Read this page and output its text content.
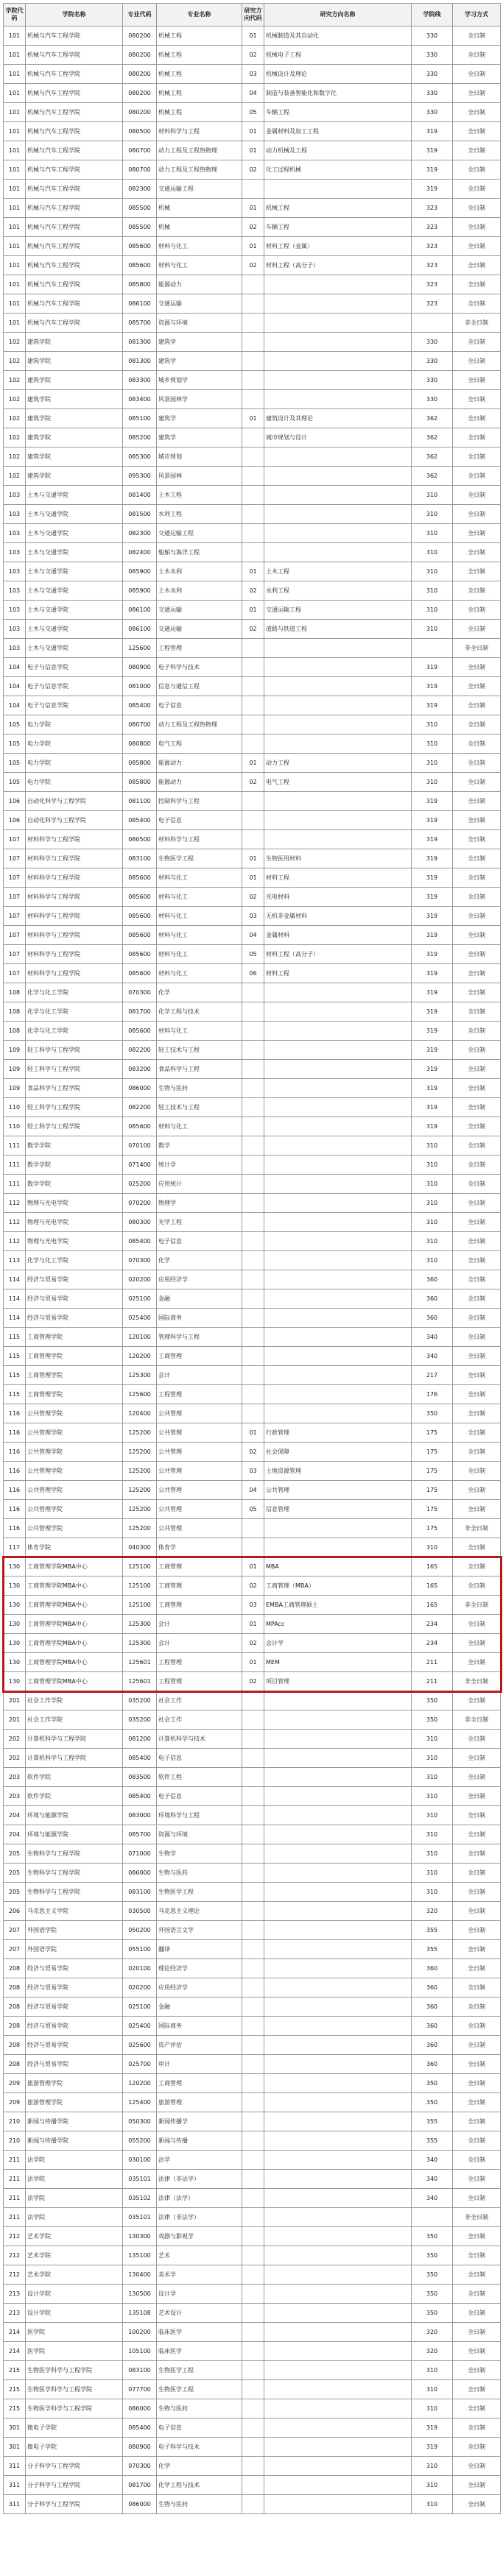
学院代码	学院名称	专业代码	专业名称	研究方向代码	研究方向名称	学院线	学习方式
101	机械与汽车工程学院	080200	机械工程	01	机械制造及其自动化	330	全日制
101	机械与汽车工程学院	080200	机械工程	02	机械电子工程	330	全日制
101	机械与汽车工程学院	080200	机械工程	03	机械设计及理论	330	全日制
101	机械与汽车工程学院	080200	机械工程	04	制造与装备智能化和数字化	330	全日制
101	机械与汽车工程学院	080200	机械工程	05	车辆工程	330	全日制
101	机械与汽车工程学院	080500	材料科学与工程	01	金属材料及加工工程	319	全日制
101	机械与汽车工程学院	080700	动力工程及工程热物理	01	动力机械及工程	319	全日制
101	机械与汽车工程学院	080700	动力工程及工程热物理	02	化工过程机械	319	全日制
101	机械与汽车工程学院	082300	交通运输工程			319	全日制
101	机械与汽车工程学院	085500	机械	01	机械工程	323	全日制
101	机械与汽车工程学院	085500	机械	02	车辆工程	323	全日制
101	机械与汽车工程学院	085600	材料与化工	01	材料工程（金属）	323	全日制
101	机械与汽车工程学院	085600	材料与化工	02	材料工程（高分子）	323	全日制
101	机械与汽车工程学院	085800	能源动力			323	全日制
101	机械与汽车工程学院	086100	交通运输			323	全日制
101	机械与汽车工程学院	085700	资源与环境				非全日制
102	建筑学院	081300	建筑学			330	全日制
102	建筑学院	081300	建筑学			330	全日制
102	建筑学院	083300	城乡规划学			330	全日制
102	建筑学院	083400	风景园林学			330	全日制
102	建筑学院	085100	建筑学	01	建筑设计及其理论	362	全日制
102	建筑学院	085200	建筑学		城市规划与设计	362	全日制
102	建筑学院	085300	城市规划			362	全日制
102	建筑学院	095300	风景园林			362	全日制
103	土木与交通学院	081400	土木工程			310	全日制
103	土木与交通学院	081500	水利工程			310	全日制
103	土木与交通学院	082300	交通运输工程			310	全日制
103	土木与交通学院	082400	船舶与海洋工程			310	全日制
103	土木与交通学院	085900	土木水利	01	土木工程	310	全日制
103	土木与交通学院	085900	土木水利	02	水利工程	310	全日制
103	土木与交通学院	086100	交通运输	01	交通运输工程	310	全日制
103	土木与交通学院	086100	交通运输	02	道路与铁道工程	310	全日制
103	土木与交通学院	125600	工程管理				非全日制
104	电子与信息学院	080900	电子科学与技术			319	全日制
104	电子与信息学院	081000	信息与通信工程			319	全日制
104	电子与信息学院	085400	电子信息			319	全日制
105	电力学院	080700	动力工程及工程热物理			310	全日制
105	电力学院	080800	电气工程			310	全日制
105	电力学院	085800	能源动力	01	动力工程	310	全日制
105	电力学院	085800	能源动力	02	电气工程	310	全日制
106	自动化科学与工程学院	081100	控制科学与工程			319	全日制
106	自动化科学与工程学院	085400	电子信息			319	全日制
107	材料科学与工程学院	080500	材料科学与工程			319	全日制
107	材料科学与工程学院	083100	生物医学工程	01	生物医用材料	319	全日制
107	材料科学与工程学院	085600	材料与化工	01	材料工程	319	全日制
107	材料科学与工程学院	085600	材料与化工	02	光电材料	319	全日制
107	材料科学与工程学院	085600	材料与化工	03	无机非金属材料	319	全日制
107	材料科学与工程学院	085600	材料与化工	04	金属材料	319	全日制
107	材料科学与工程学院	085600	材料与化工	05	材料工程（高分子）	319	全日制
107	材料科学与工程学院	085600	材料与化工	06	材料工程	319	全日制
108	化学与化工学院	070300	化学			319	全日制
108	化学与化工学院	081700	化学工程与技术			319	全日制
108	化学与化工学院	085600	材料与化工			319	全日制
109	轻工科学与工程学院	082200	轻工技术与工程			319	全日制
109	轻工科学与工程学院	083200	食品科学与工程			319	全日制
109	食品科学与工程学院	086000	生物与医药			319	全日制
110	轻工科学与工程学院	082200	轻工技术与工程			319	全日制
110	轻工科学与工程学院	085600	材料与化工			319	全日制
111	数学学院	070100	数学			310	全日制
111	数学学院	071400	统计学			310	全日制
111	数学学院	025200	应用统计			310	全日制
112	物理与光电学院	070200	物理学			310	全日制
112	物理与光电学院	080300	光学工程			310	全日制
112	物理与光电学院	085400	电子信息			310	全日制
113	化学与化工学院	070300	化学			310	全日制
114	经济与贸易学院	020200	应用经济学			360	全日制
114	经济与贸易学院	025100	金融			360	全日制
114	经济与贸易学院	025400	国际商务			360	全日制
115	工商管理学院	120100	管理科学与工程			340	全日制
115	工商管理学院	120200	工商管理			340	全日制
115	工商管理学院	125300	会计			217	全日制
115	工商管理学院	125600	工程管理			176	全日制
116	公共管理学院	120400	公共管理			350	全日制
116	公共管理学院	125200	公共管理	01	行政管理	175	全日制
116	公共管理学院	125200	公共管理	02	社会保障	175	全日制
116	公共管理学院	125200	公共管理	03	土地资源管理	175	全日制
116	公共管理学院	125200	公共管理	04	公共管理	175	全日制
116	公共管理学院	125200	公共管理	05	信息管理	175	全日制
116	公共管理学院	125200	公共管理			175	非全日制
117	体育学院	040300	体育学			310	全日制
130	工商管理学院MBA中心	125100	工商管理	01	MBA	165	全日制
130	工商管理学院MBA中心	125100	工商管理	02	工商管理（MBA）	165	全日制
130	工商管理学院MBA中心	125100	工商管理	03	EMBA工商管理硕士	165	非全日制
130	工商管理学院MBA中心	125300	会计	01	MPAcc	234	全日制
130	工商管理学院MBA中心	125300	会计	02	会计学	234	全日制
130	工商管理学院MBA中心	125601	工程管理	01	MEM	211	全日制
130	工商管理学院MBA中心	125601	工程管理	02	项目管理	211	非全日制
201	社会工作学院	035200	社会工作			350	全日制
201	社会工作学院	035200	社会工作			350	非全日制
202	计算机科学与工程学院	081200	计算机科学与技术			310	全日制
202	计算机科学与工程学院	085400	电子信息			310	全日制
203	软件学院	083500	软件工程			310	全日制
203	软件学院	085400	电子信息			310	全日制
204	环境与能源学院	083000	环境科学与工程			310	全日制
204	环境与能源学院	085700	资源与环境			310	全日制
205	生物科学与工程学院	071000	生物学			310	全日制
205	生物科学与工程学院	086000	生物与医药			310	全日制
205	生物科学与工程学院	083100	生物医学工程			310	全日制
206	马克思主义学院	030500	马克思主义理论			320	全日制
207	外国语学院	050200	外国语言文学			355	全日制
207	外国语学院	055100	翻译			355	全日制
208	经济与贸易学院	020100	理论经济学			360	全日制
208	经济与贸易学院	020200	应用经济学			360	全日制
208	经济与贸易学院	025100	金融			360	全日制
208	经济与贸易学院	025400	国际商务			360	全日制
208	经济与贸易学院	025600	资产评估			360	全日制
208	经济与贸易学院	025700	审计			360	全日制
209	旅游管理学院	120200	工商管理			350	全日制
209	旅游管理学院	125400	旅游管理			350	全日制
210	新闻与传播学院	050300	新闻传播学			355	全日制
210	新闻与传播学院	055200	新闻与传播			355	全日制
211	法学院	030100	法学			340	全日制
211	法学院	035101	法律（非法学）			340	全日制
211	法学院	035102	法律（法学）			340	全日制
211	法学院	035101	法律（非法学）				非全日制
212	艺术学院	130300	戏剧与影视学			350	全日制
212	艺术学院	135100	艺术			350	全日制
212	艺术学院	130400	美术学			350	全日制
213	设计学院	130500	设计学			350	全日制
213	设计学院	135108	艺术设计			350	全日制
214	医学院	100200	临床医学			320	全日制
214	医学院	105100	临床医学			320	全日制
215	生物医学科学与工程学院	083100	生物医学工程			310	全日制
215	生物医学科学与工程学院	077700	生物医学工程			310	全日制
215	生物医学科学与工程学院	086000	生物与医药			310	全日制
301	微电子学院	085400	电子信息			319	全日制
301	微电子学院	080900	电子科学与技术			319	全日制
311	分子科学与工程学院	070300	化学			310	全日制
311	分子科学与工程学院	081700	化学工程与技术			310	全日制
311	分子科学与工程学院	086000	生物与医药			310	全日制
